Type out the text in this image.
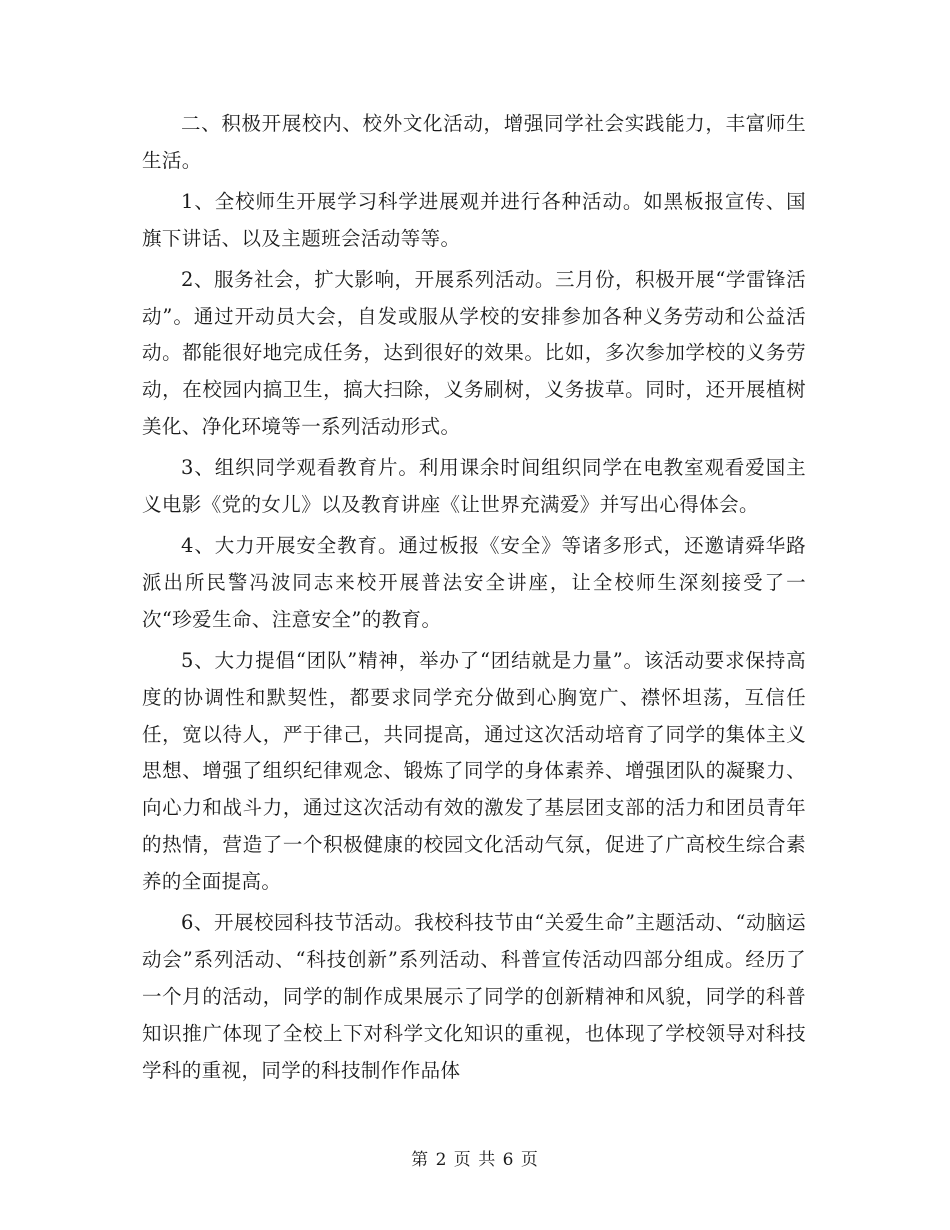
二、积极开展校内、校外文化活动，增强同学社会实践能力，丰富师生生活。

1、全校师生开展学习科学进展观并进行各种活动。如黑板报宣传、国旗下讲话、以及主题班会活动等等。

2、服务社会，扩大影响，开展系列活动。三月份，积极开展“学雷锋活动”。通过开动员大会，自发或服从学校的安排参加各种义务劳动和公益活动。都能很好地完成任务，达到很好的效果。比如，多次参加学校的义务劳动，在校园内搞卫生，搞大扫除，义务刷树，义务拔草。同时，还开展植树美化、净化环境等一系列活动形式。

3、组织同学观看教育片。利用课余时间组织同学在电教室观看爱国主义电影《党的女儿》以及教育讲座《让世界充满爱》并写出心得体会。

4、大力开展安全教育。通过板报《安全》等诸多形式，还邀请舜华路派出所民警冯波同志来校开展普法安全讲座，让全校师生深刻接受了一次“珍爱生命、注意安全”的教育。

5、大力提倡“团队”精神，举办了“团结就是力量”。该活动要求保持高度的协调性和默契性，都要求同学充分做到心胸宽广、襟怀坦荡，互信任任，宽以待人，严于律己，共同提高，通过这次活动培育了同学的集体主义思想、增强了组织纪律观念、锻炼了同学的身体素养、增强团队的凝聚力、向心力和战斗力，通过这次活动有效的激发了基层团支部的活力和团员青年的热情，营造了一个积极健康的校园文化活动气氛，促进了广高校生综合素养的全面提高。

6、开展校园科技节活动。我校科技节由“关爱生命”主题活动、“动脑运动会”系列活动、“科技创新”系列活动、科普宣传活动四部分组成。经历了一个月的活动，同学的制作成果展示了同学的创新精神和风貌，同学的科普知识推广体现了全校上下对科学文化知识的重视，也体现了学校领导对科技学科的重视，同学的科技制作作品体

第 2 页 共 6 页
